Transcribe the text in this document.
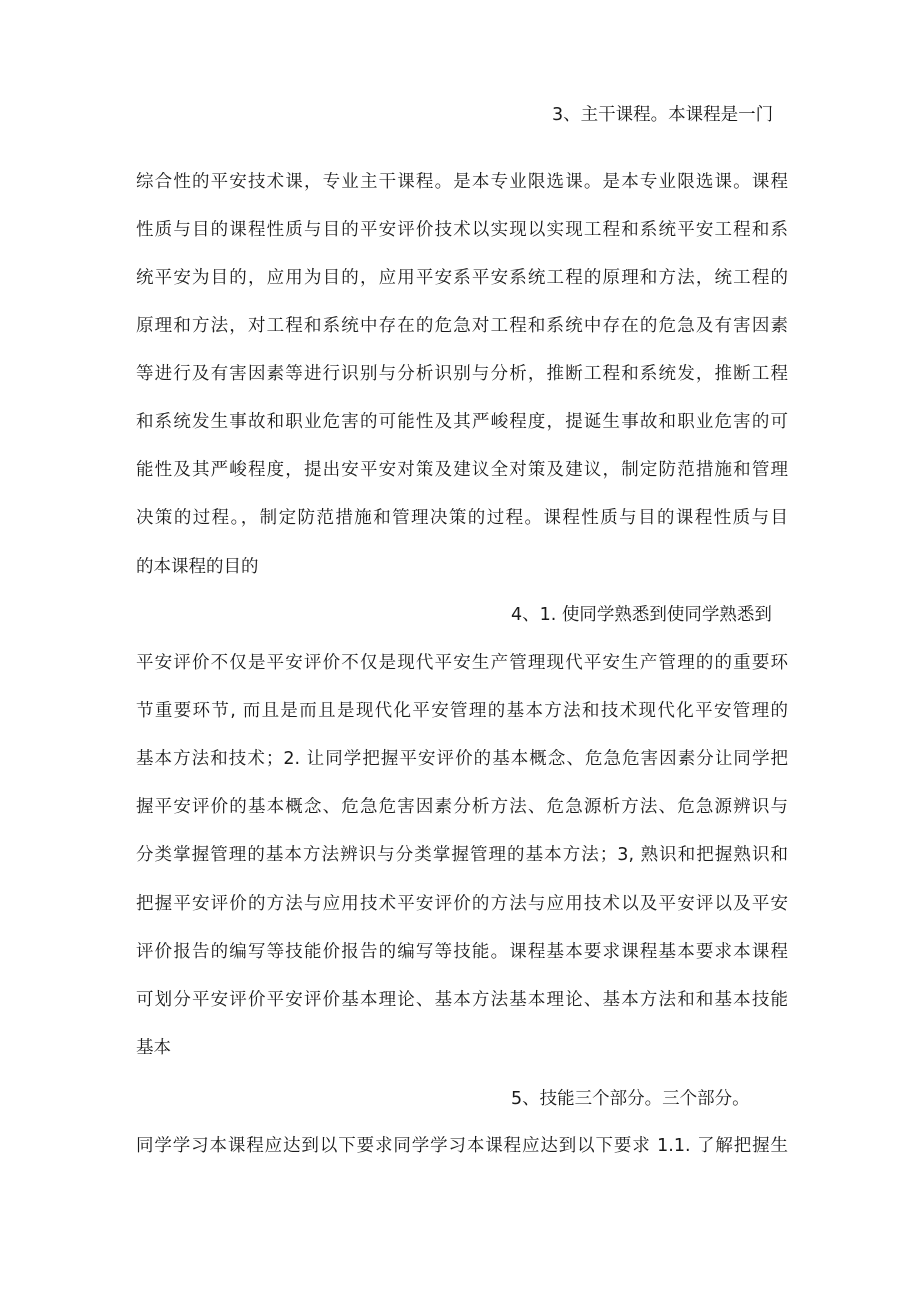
3、主干课程。本课程是一门
综合性的平安技术课，专业主干课程。是本专业限选课。是本专业限选课。课程
性质与目的课程性质与目的平安评价技术以实现以实现工程和系统平安工程和系
统平安为目的，应用为目的，应用平安系平安系统工程的原理和方法，统工程的
原理和方法，对工程和系统中存在的危急对工程和系统中存在的危急及有害因素
等进行及有害因素等进行识别与分析识别与分析，推断工程和系统发，推断工程
和系统发生事故和职业危害的可能性及其严峻程度，提诞生事故和职业危害的可
能性及其严峻程度，提出安平安对策及建议全对策及建议，制定防范措施和管理
决策的过程。，制定防范措施和管理决策的过程。课程性质与目的课程性质与目
的本课程的目的
4、1. 使同学熟悉到使同学熟悉到
平安评价不仅是平安评价不仅是现代平安生产管理现代平安生产管理的的重要环
节重要环节, 而且是而且是现代化平安管理的基本方法和技术现代化平安管理的
基本方法和技术；2. 让同学把握平安评价的基本概念、危急危害因素分让同学把
握平安评价的基本概念、危急危害因素分析方法、危急源析方法、危急源辨识与
分类掌握管理的基本方法辨识与分类掌握管理的基本方法；3, 熟识和把握熟识和
把握平安评价的方法与应用技术平安评价的方法与应用技术以及平安评以及平安
评价报告的编写等技能价报告的编写等技能。课程基本要求课程基本要求本课程
可划分平安评价平安评价基本理论、基本方法基本理论、基本方法和和基本技能
基本
5、技能三个部分。三个部分。
同学学习本课程应达到以下要求同学学习本课程应达到以下要求 1.1. 了解把握生
